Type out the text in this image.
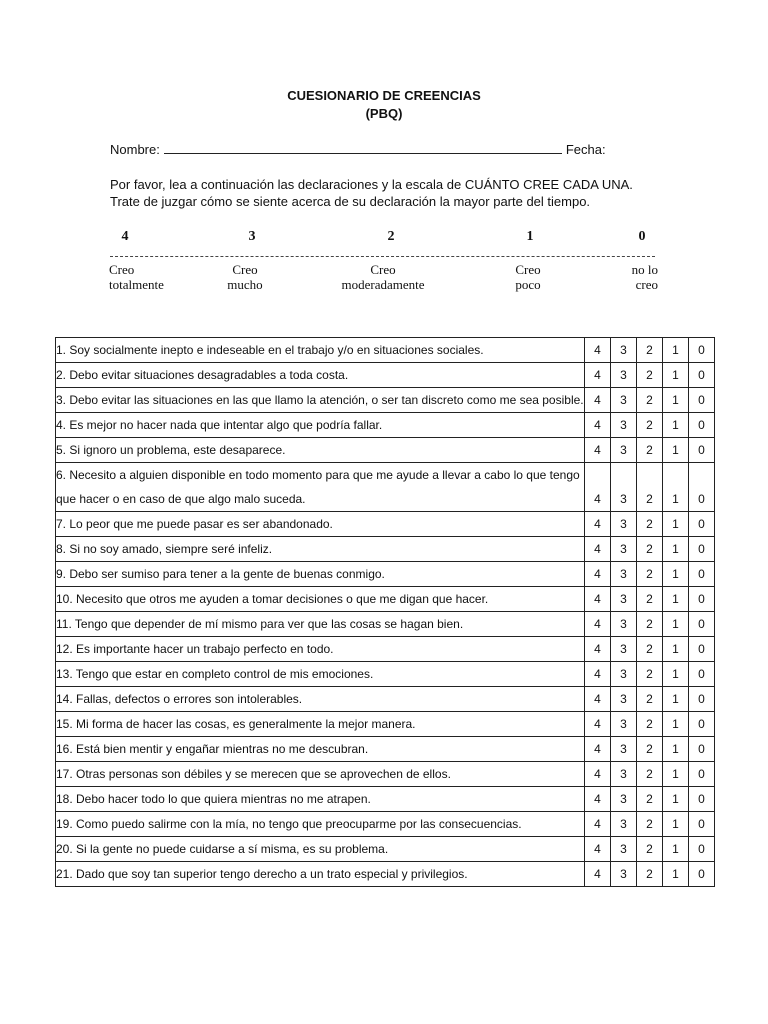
CUESIONARIO DE CREENCIAS
(PBQ)
Nombre:	Fecha:
Por favor, lea a continuación las declaraciones y la escala de CUÁNTO CREE CADA UNA.
Trate de juzgar cómo se siente acerca de su declaración la mayor parte del tiempo.
4	3	2	1	0
Creo
totalmente
Creo
mucho
Creo
moderadamente
Creo
poco
no lo
creo
1. Soy socialmente inepto e indeseable en el trabajo y/o en situaciones sociales.	4	3	2	1	0
2. Debo evitar situaciones desagradables a toda costa.	4	3	2	1	0
3. Debo evitar las situaciones en las que llamo la atención, o ser tan discreto como me sea posible.	4	3	2	1	0
4. Es mejor no hacer nada que intentar algo que podría fallar.	4	3	2	1	0
5. Si ignoro un problema, este desaparece.	4	3	2	1	0
6. Necesito a alguien disponible en todo momento para que me ayude a llevar a cabo lo que tengo que hacer o en caso de que algo malo suceda.	4	3	2	1	0
7. Lo peor que me puede pasar es ser abandonado.	4	3	2	1	0
8. Si no soy amado, siempre seré infeliz.	4	3	2	1	0
9. Debo ser sumiso para tener a la gente de buenas conmigo.	4	3	2	1	0
10. Necesito que otros me ayuden a tomar decisiones o que me digan que hacer.	4	3	2	1	0
11. Tengo que depender de mí mismo para ver que las cosas se hagan bien.	4	3	2	1	0
12. Es importante hacer un trabajo perfecto en todo.	4	3	2	1	0
13. Tengo que estar en completo control de mis emociones.	4	3	2	1	0
14. Fallas, defectos o errores son intolerables.	4	3	2	1	0
15. Mi forma de hacer las cosas, es generalmente la mejor manera.	4	3	2	1	0
16. Está bien mentir y engañar mientras no me descubran.	4	3	2	1	0
17. Otras personas son débiles y se merecen que se aprovechen de ellos.	4	3	2	1	0
18. Debo hacer todo lo que quiera mientras no me atrapen.	4	3	2	1	0
19. Como puedo salirme con la mía, no tengo que preocuparme por las consecuencias.	4	3	2	1	0
20. Si la gente no puede cuidarse a sí misma, es su problema.	4	3	2	1	0
21. Dado que soy tan superior tengo derecho a un trato especial y privilegios.	4	3	2	1	0
